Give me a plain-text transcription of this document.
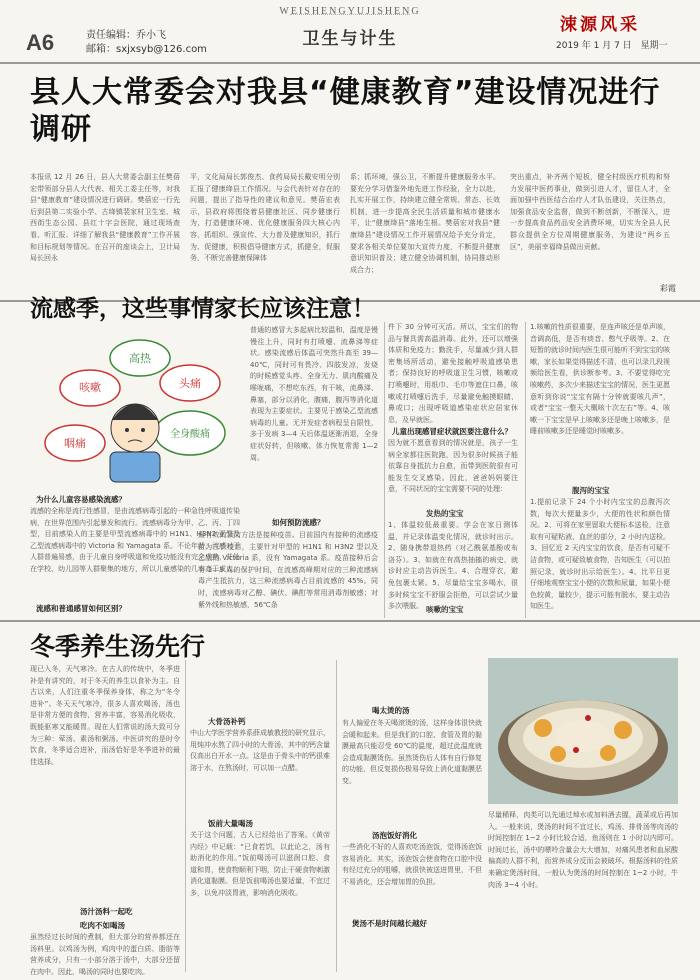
A6	责任编辑：乔小飞
邮箱：sxjxsyb@126.com
WEISHENGYUJISHENG
卫生与计生
涑源风采
2019 年 1 月 7 日　星期一
县人大常委会对我县“健康教育”建设情况进行调研
本报讯 12 月 26 日，县人大常委会副主任樊蓓宏带领部分县人大代表、相关工委主任等，对我县“健康教育”建设情况进行调研。樊蓓宏一行先后到县第二实验小学、古绛镇裴家村卫生室、城西街生态公园、县红十字会医院，通过现场查看、听汇报、详细了解我县“健康教育”工作开展和目标规划等情况。在召开的座谈会上，卫计局局长回永
平，文化局局长郭俊杰、食药局局长戴安明分别汇报了健康绛县工作情况。与会代表针对存在的问题，提出了指导性的建议和意见。樊蓓宏表示，县政府将围绕着县健康社区、同步健康行为，打造健康环境、优化健康服务四大核心内容，抓组织、强宣传、大力普及健康知识，抓行为、促健康，积极倡导健康方式，抓健全，促服务，不断完善健康保障体
系；抓环境，强公卫，不断提升健康服务水平。要充分学习借鉴外地先进工作经验，全力以赴，扎实开展工作，持续建立健全常规、常态、长效机制，进一步提高全民生活质量和城市健康水平，让“健康绛县”落地生根。樊蓓宏对我县“健康绛县”建设情况工作开展情况给予充分肯定，要求各相关单位要加大宣传力度，不断提升健康意识知识普及；建立健全协调机制，协同推动形成合力；
突出重点，补齐两个短板，健全村级医疗机构和努力发展中医药事业，做到引进人才，留住人才，全面加强中西医结合治疗人才队伍建设，关注热点，加强食品安全监督，做到不断创新，不断深入，进一步提高食品药品安全消费环境，切实为全县人民群众提供全方位周期健康服务，为建设“两乡五区”，美丽幸福绛县做出贡献。
彩霞
流感季，这些事情家长应该注意！
咳嗽
高热
头痛
咽痛
全身酸痛
为什么儿童容易感染流感？
流感的全称是流行性感冒，是由流感病毒引起的一种急性呼吸道传染病，在世界范围内引起暴发和流行。流感病毒分为甲、乙、丙、丁四型，目前感染人的主要是甲型流感病毒中的 H1N1、H3N2 亚型及乙型流感病毒中的 Victoria 和 Yamagata 系。不论年龄，流感对于人群普遍易感，由于儿童自身呼吸道和免疫功能没有完全成熟，并处在学校、幼儿园等人群聚集的地方，所以儿童感染的几率高于成人。
流感和普通感冒如何区别？
普通的感冒大多起病比较温和，温度是慢慢往上升，同时有打喷嚏、流鼻涕等症状。感染流感后体温可突然升高至 39—40℃，同时可有畏冷、四肢发凉，发烧的时候感觉头疼、全身无力、肌肉酸痛及喉咙痛，不想吃东西，有干咳，流鼻涕、鼻塞，部分以消化，腹痛，腹泻等消化道表现为主要症状。主要见于感染乙型流感病毒的儿童。无并发症者病程呈自限性，多于发病 3—4 天后体温逐渐消退，全身症状好转，但咳嗽、体力恢复常需 1—2 周。
如何预防流感？
最有效的预防方法是接种疫苗。目前国内有接种的流感疫苗为三价疫苗，主要针对甲型的 H1N1 和 H3N2 型以及乙型的 Victoria 系，没有 Yamagata 系。疫苗接种后会有 2—3 周的保护时间，在流感高峰期对应的三种流感病毒产生抵抗力，这三种流感病毒占目前流感的 45%。同时，流感病毒对乙醇、碘伏、碘酊等常用消毒剂敏感；对紫外线和热敏感，56℃条
件下 30 分钟可灭活。所以，宝宝们的物品与餐具需高温消毒。此外，还可以增强体质和免疫力；勤洗手，尽量减少到人群密集场所活动，避免接触呼吸道感染患者；保持良好的呼吸道卫生习惯，咳嗽或打喷嚏时，用纸巾、毛巾等遮住口鼻，咳嗽或打喷嚏后洗手，尽量避免触摸眼睛、鼻或口；出现呼吸道感染症状应居家休息，及早就医。
儿童出现感冒症状就医要注意什么？
因为就不愿意看到的情况就是，孩子一生病全家都往医院跑，因为很多时候孩子能依靠自身抵抗力自愈，而带到医院很有可能发生交叉感染。因此，爸爸妈妈要注意，不同状况的宝宝需要不同的处理：
发热的宝宝
1、体温较低最重要。学会在家日测体温，并记录体温变化情况，就诊时出示。2、随身携带退热药（对乙酰氨基酚或布洛芬）。3、如就在有高热抽搐的病史，就诊时应主动告诉医生。4、合理穿衣，避免包裹太紧。5、尽量给宝宝多喝水，很多时候宝宝不舒服会拒绝，可以尝试少量多次喂服。 咳嗽的宝宝
1.咳嗽的性质很重要，是连声咳还是单声咳，音调高低，是否有痰音、憋气乎吸等。2、在短暂的就诊时间内医生很可能听不到宝宝的咳嗽，家长如果觉得描述不清，也可以录几段视频给医生看，供诊断参考。3、不要觉得吃完咳嗽药，多次少来描述宝宝的情况，医生更愿意听到你说“宝宝有隔十分钟就要咳几声”，或者“宝宝一整天大概咳十次左右”等。4、咳嗽一下宝宝是早上咳嗽多还是晚上咳嗽多，是睡前咳嗽多还是睡觉时咳嗽多。
腹泻的宝宝
1.提前记录下 24 个小时内宝宝的总腹泻次数，每次大便量多少，大便的性状和颜色情况。2、可将在家里留取大便标本送检，注意取有可疑粘液、血丝的部分，2 小时内送检。3、回忆近 2 天内宝宝的饮食，是否有可疑不洁食物，或可疑致敏食物，告知医生（可以拍照记录，就诊时出示给医生）。4、比平日更仔细地观察宝宝小便的次数和尿量，如果小便色较黄，量较少，提示可能有脱水，要主动告知医生。
冬季养生汤先行
现已入冬，天气寒冷。在古人的传统中，冬季进补是有讲究的，对于冬天的养生以食补为主。自古以来，人们注重冬季保养身体，称之为“冬令进补”。冬天天气寒冷，很多人喜欢喝汤，汤也是非常方便的食物，营养丰富，容易消化吸收，既能驱寒又能暖胃。现在人们常说的汤大致可分为三种：荤汤、素汤和粥汤。中医讲究的是时令饮食，冬季适合进补，而汤恰好是冬季进补的最佳选择。
汤汁汤料一起吃
吃肉不如喝汤
虽然经过长时间的煮制，但大部分的营养都还在汤料里。以鸡汤为例，鸡肉中的蛋白质、脂肪等营养成分，只有一小部分溶于汤中，大部分还留在肉中。因此，喝汤的同时也要吃肉。
大骨汤补钙
中山大学医学营养系薛成敏教授的研究显示，用炖冲水熬了四小时的大骨汤，其中的钙含量仅高出白开水一点。这是由于骨头中的钙很难溶于水，在熬汤时，可以加一点醋。
饭前大量喝汤
关于这个问题，古人已经给出了答案。《黄帝内经》中记载：“已食若饥，以此论之，汤有助消化的作用。”饭前喝汤可以滋润口腔、食道和胃，使食物顺利下咽，防止干硬食物刺激消化道黏膜。但是饭前喝汤也要适量，不宜过多，以免冲淡胃液，影响消化吸收。
喝太烫的汤
有人偏爱在冬天喝滚烫的汤，这样身体很快就会暖和起来。但是我们的口腔、食管及胃的黏膜最高只能忍受 60℃的温度，超过此温度就会造成黏膜烫伤。虽然烫伤后人体有自行修复的功能，但反复损伤极易导致上消化道黏膜恶变。
汤泡饭好消化
一些消化不好的人喜欢吃汤泡饭，觉得汤泡饭容易消化。其实，汤泡饭会使食物在口腔中没有经过充分的咀嚼，就很快被送进胃里，不但不易消化，还会增加胃的负担。
煲汤不是时间越长越好
尽量稀释，肉类可以先通过焯水或加料酒去腥，蔬菜或后再加入。一般来说，煲汤的时间不宜过长，鸡汤、排骨汤等肉汤的时间控制在 1~2 小时比较合适，鱼汤则在 1 小时以内即可。时间过长，汤中的嘌呤含量会大大增加，对痛风患者和血尿酸偏高的人群不利，而营养成分反而会被破坏。根据汤料的性质来确定煲汤时间，一般认为煲汤的时间控制在 1~2 小时，牛肉汤 3~4 小时。
